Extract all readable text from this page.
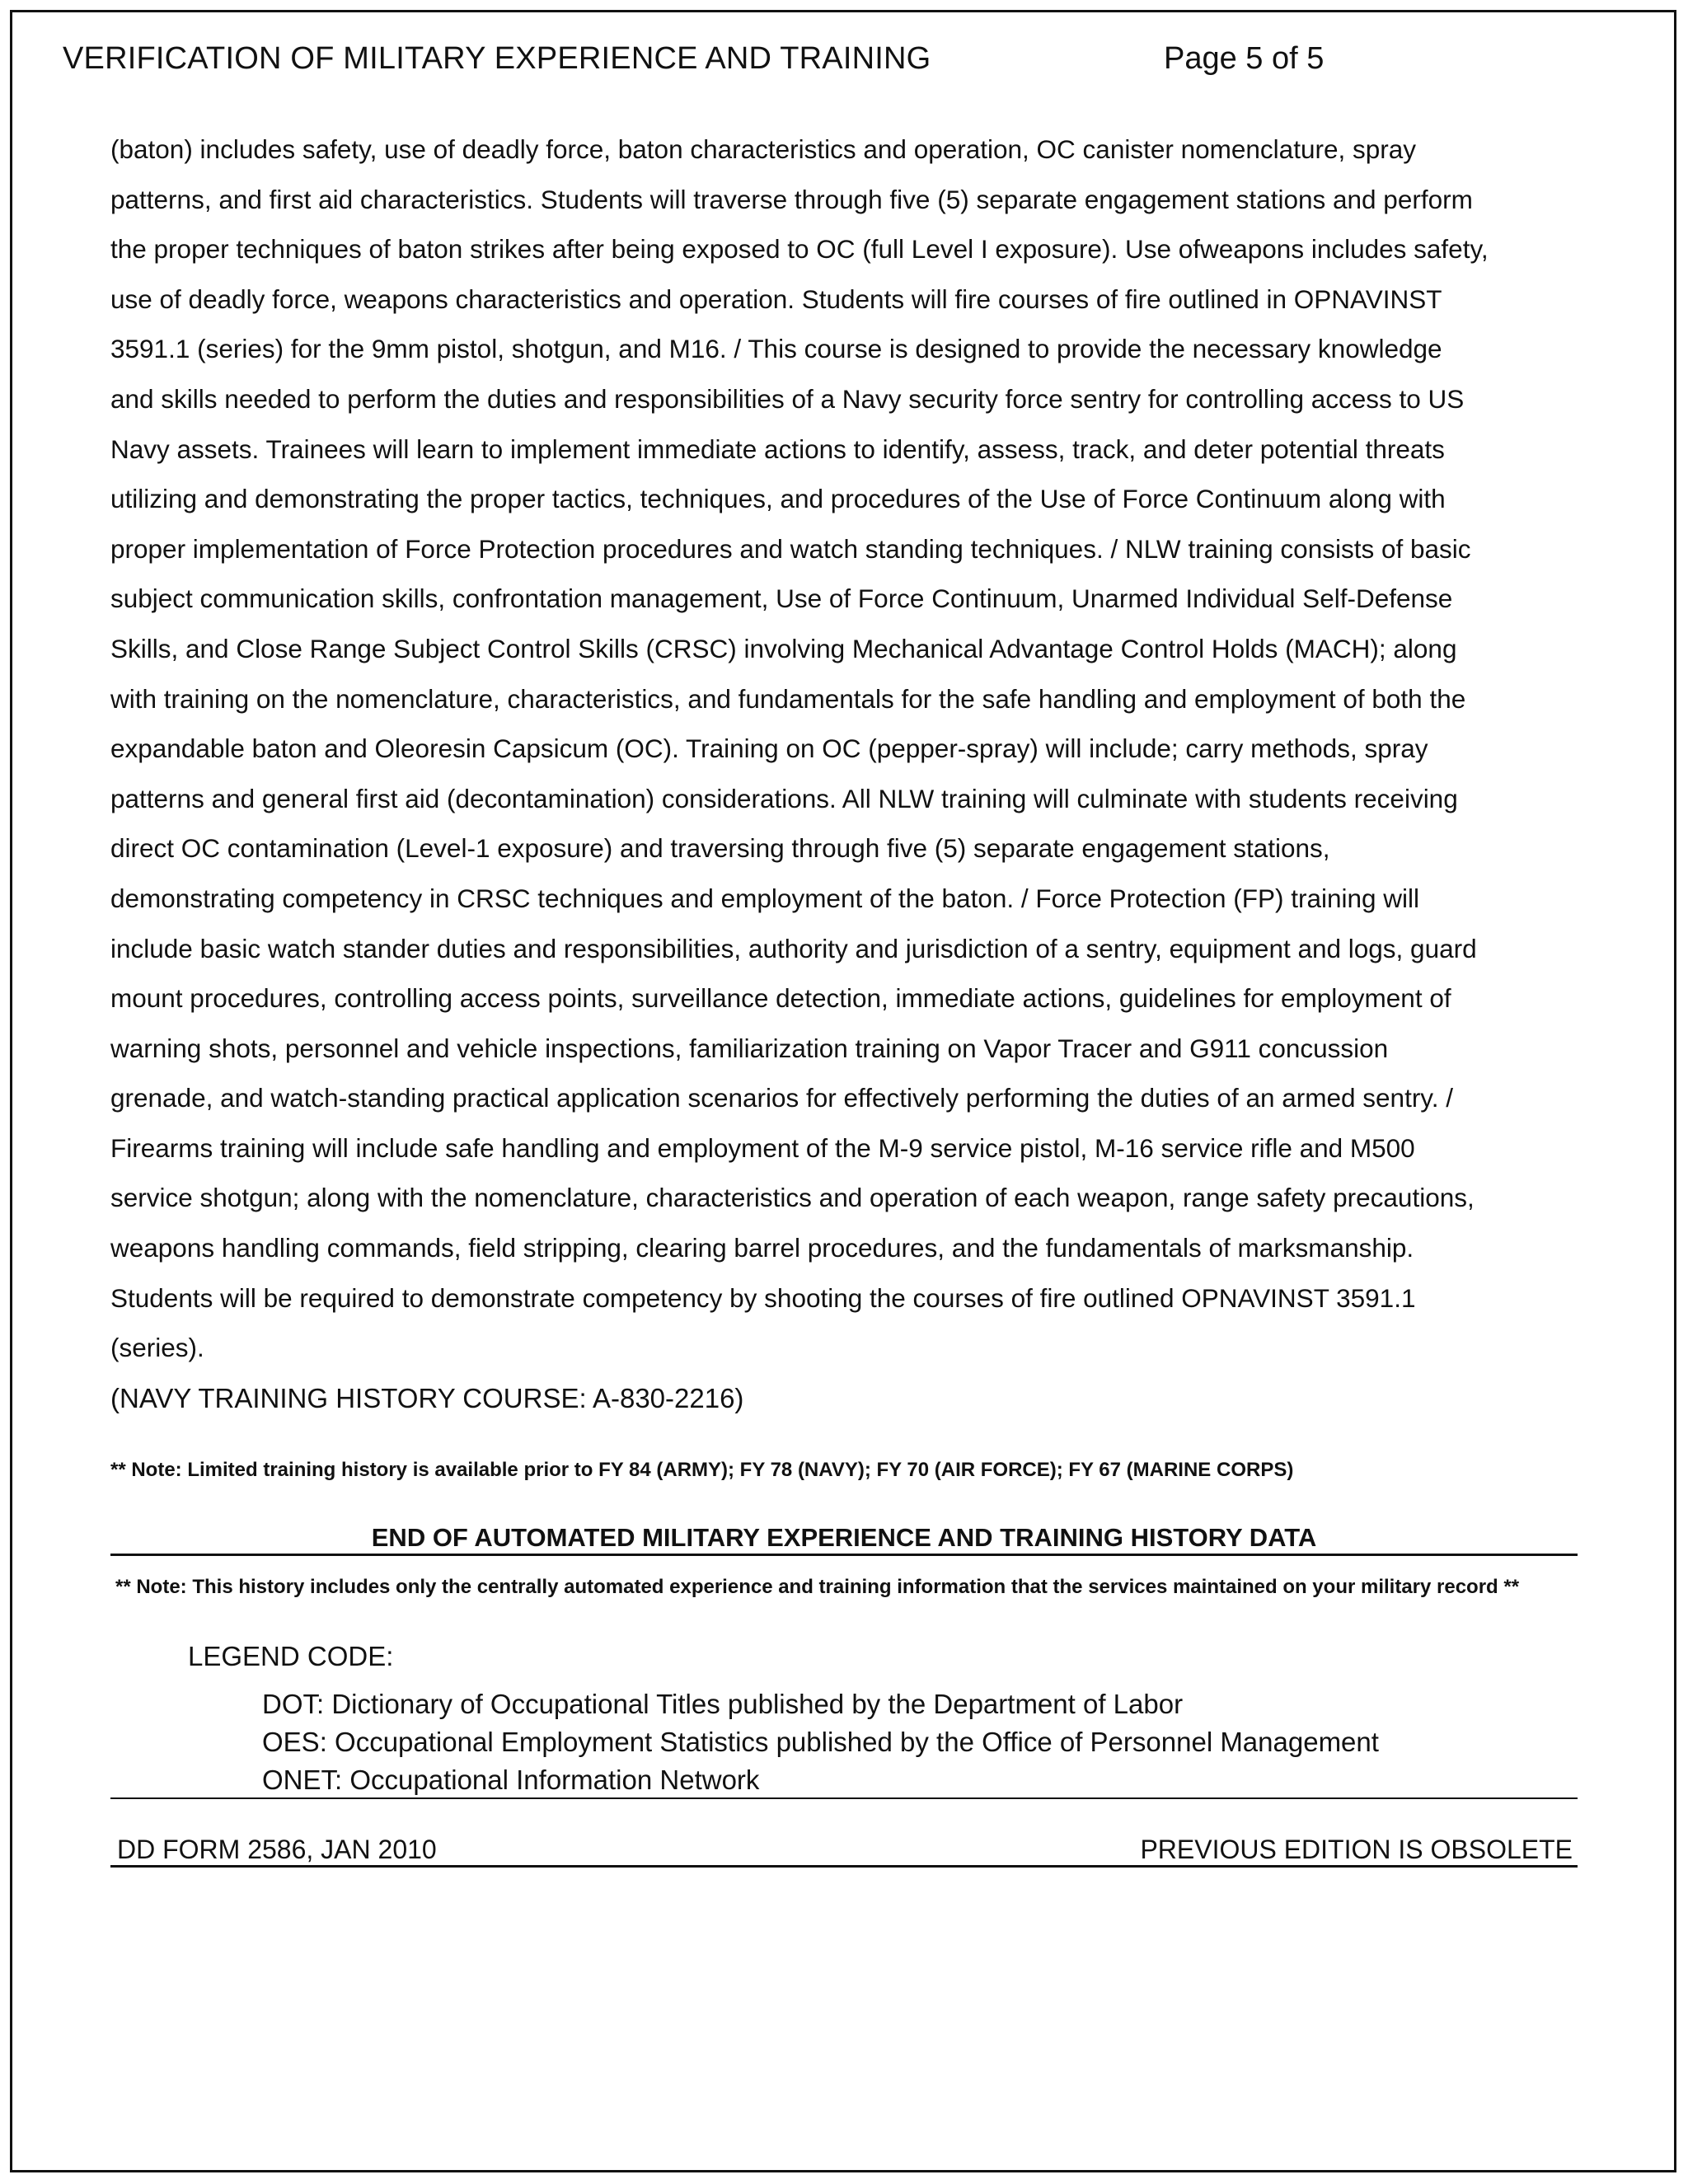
VERIFICATION OF MILITARY EXPERIENCE AND TRAINING	Page 5 of 5
(baton) includes safety, use of deadly force, baton characteristics and operation, OC canister nomenclature, spray
patterns, and first aid characteristics. Students will traverse through five (5) separate engagement stations and perform
the proper techniques of baton strikes after being exposed to OC (full Level I exposure). Use ofweapons includes safety,
use of deadly force, weapons characteristics and operation. Students will fire courses of fire outlined in OPNAVINST
3591.1 (series) for the 9mm pistol, shotgun, and M16. / This course is designed to provide the necessary knowledge
and skills needed to perform the duties and responsibilities of a Navy security force sentry for controlling access to US
Navy assets. Trainees will learn to implement immediate actions to identify, assess, track, and deter potential threats
utilizing and demonstrating the proper tactics, techniques, and procedures of the Use of Force Continuum along with
proper implementation of Force Protection procedures and watch standing techniques. / NLW training consists of basic
subject communication skills, confrontation management, Use of Force Continuum, Unarmed Individual Self-Defense
Skills, and Close Range Subject Control Skills (CRSC) involving Mechanical Advantage Control Holds (MACH); along
with training on the nomenclature, characteristics, and fundamentals for the safe handling and employment of both the
expandable baton and Oleoresin Capsicum (OC). Training on OC (pepper-spray) will include; carry methods, spray
patterns and general first aid (decontamination) considerations. All NLW training will culminate with students receiving
direct OC contamination (Level-1 exposure) and traversing through five (5) separate engagement stations,
demonstrating competency in CRSC techniques and employment of the baton. / Force Protection (FP) training will
include basic watch stander duties and responsibilities, authority and jurisdiction of a sentry, equipment and logs, guard
mount procedures, controlling access points, surveillance detection, immediate actions, guidelines for employment of
warning shots, personnel and vehicle inspections, familiarization training on Vapor Tracer and G911 concussion
grenade, and watch-standing practical application scenarios for effectively performing the duties of an armed sentry. /
Firearms training will include safe handling and employment of the M-9 service pistol, M-16 service rifle and M500
service shotgun; along with the nomenclature, characteristics and operation of each weapon, range safety precautions,
weapons handling commands, field stripping, clearing barrel procedures, and the fundamentals of marksmanship.
Students will be required to demonstrate competency by shooting the courses of fire outlined OPNAVINST 3591.1
(series).
(NAVY TRAINING HISTORY COURSE: A-830-2216)
** Note: Limited training history is available prior to FY 84 (ARMY); FY 78 (NAVY); FY 70 (AIR FORCE); FY 67 (MARINE CORPS)
END OF AUTOMATED MILITARY EXPERIENCE AND TRAINING HISTORY DATA
** Note: This history includes only the centrally automated experience and training information that the services maintained on your military record **
LEGEND CODE:
DOT: Dictionary of Occupational Titles published by the Department of Labor
OES: Occupational Employment Statistics published by the Office of Personnel Management
ONET: Occupational Information Network
DD FORM 2586, JAN 2010	PREVIOUS EDITION IS OBSOLETE
